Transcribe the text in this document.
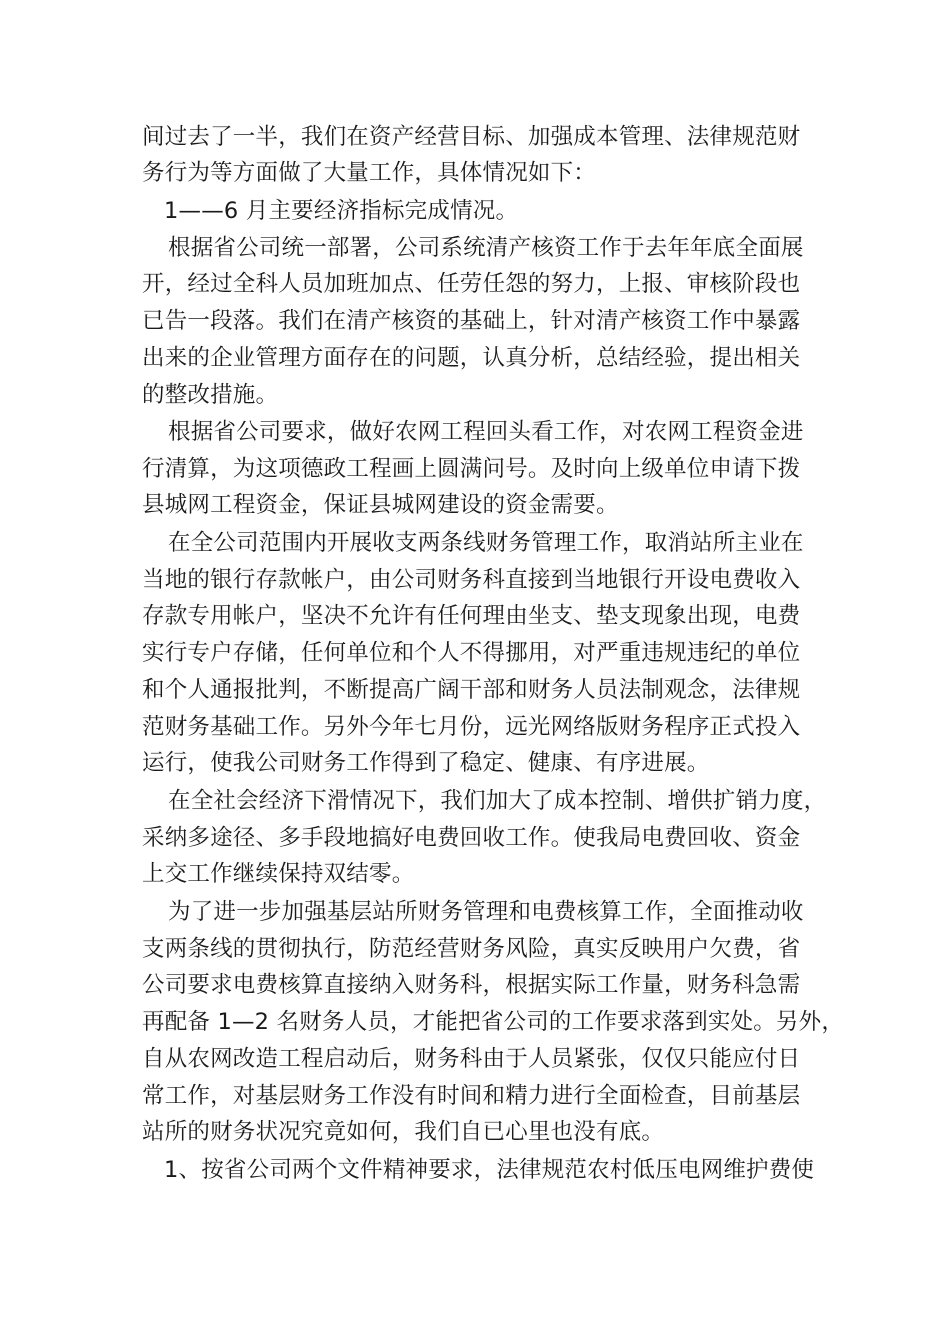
间过去了一半，我们在资产经营目标、加强成本管理、法律规范财
务行为等方面做了大量工作，具体情况如下：
1——6 月主要经济指标完成情况。
根据省公司统一部署，公司系统清产核资工作于去年年底全面展
开，经过全科人员加班加点、任劳任怨的努力，上报、审核阶段也
已告一段落。我们在清产核资的基础上，针对清产核资工作中暴露
出来的企业管理方面存在的问题，认真分析，总结经验，提出相关
的整改措施。
根据省公司要求，做好农网工程回头看工作，对农网工程资金进
行清算，为这项德政工程画上圆满问号。及时向上级单位申请下拨
县城网工程资金，保证县城网建设的资金需要。
在全公司范围内开展收支两条线财务管理工作，取消站所主业在
当地的银行存款帐户，由公司财务科直接到当地银行开设电费收入
存款专用帐户，坚决不允许有任何理由坐支、垫支现象出现，电费
实行专户存储，任何单位和个人不得挪用，对严重违规违纪的单位
和个人通报批判，不断提高广阔干部和财务人员法制观念，法律规
范财务基础工作。另外今年七月份，远光网络版财务程序正式投入
运行，使我公司财务工作得到了稳定、健康、有序进展。
在全社会经济下滑情况下，我们加大了成本控制、增供扩销力度，
采纳多途径、多手段地搞好电费回收工作。使我局电费回收、资金
上交工作继续保持双结零。
为了进一步加强基层站所财务管理和电费核算工作，全面推动收
支两条线的贯彻执行，防范经营财务风险，真实反映用户欠费，省
公司要求电费核算直接纳入财务科，根据实际工作量，财务科急需
再配备 1—2 名财务人员，才能把省公司的工作要求落到实处。另外，
自从农网改造工程启动后，财务科由于人员紧张，仅仅只能应付日
常工作，对基层财务工作没有时间和精力进行全面检查，目前基层
站所的财务状况究竟如何，我们自已心里也没有底。
1、按省公司两个文件精神要求，法律规范农村低压电网维护费使
